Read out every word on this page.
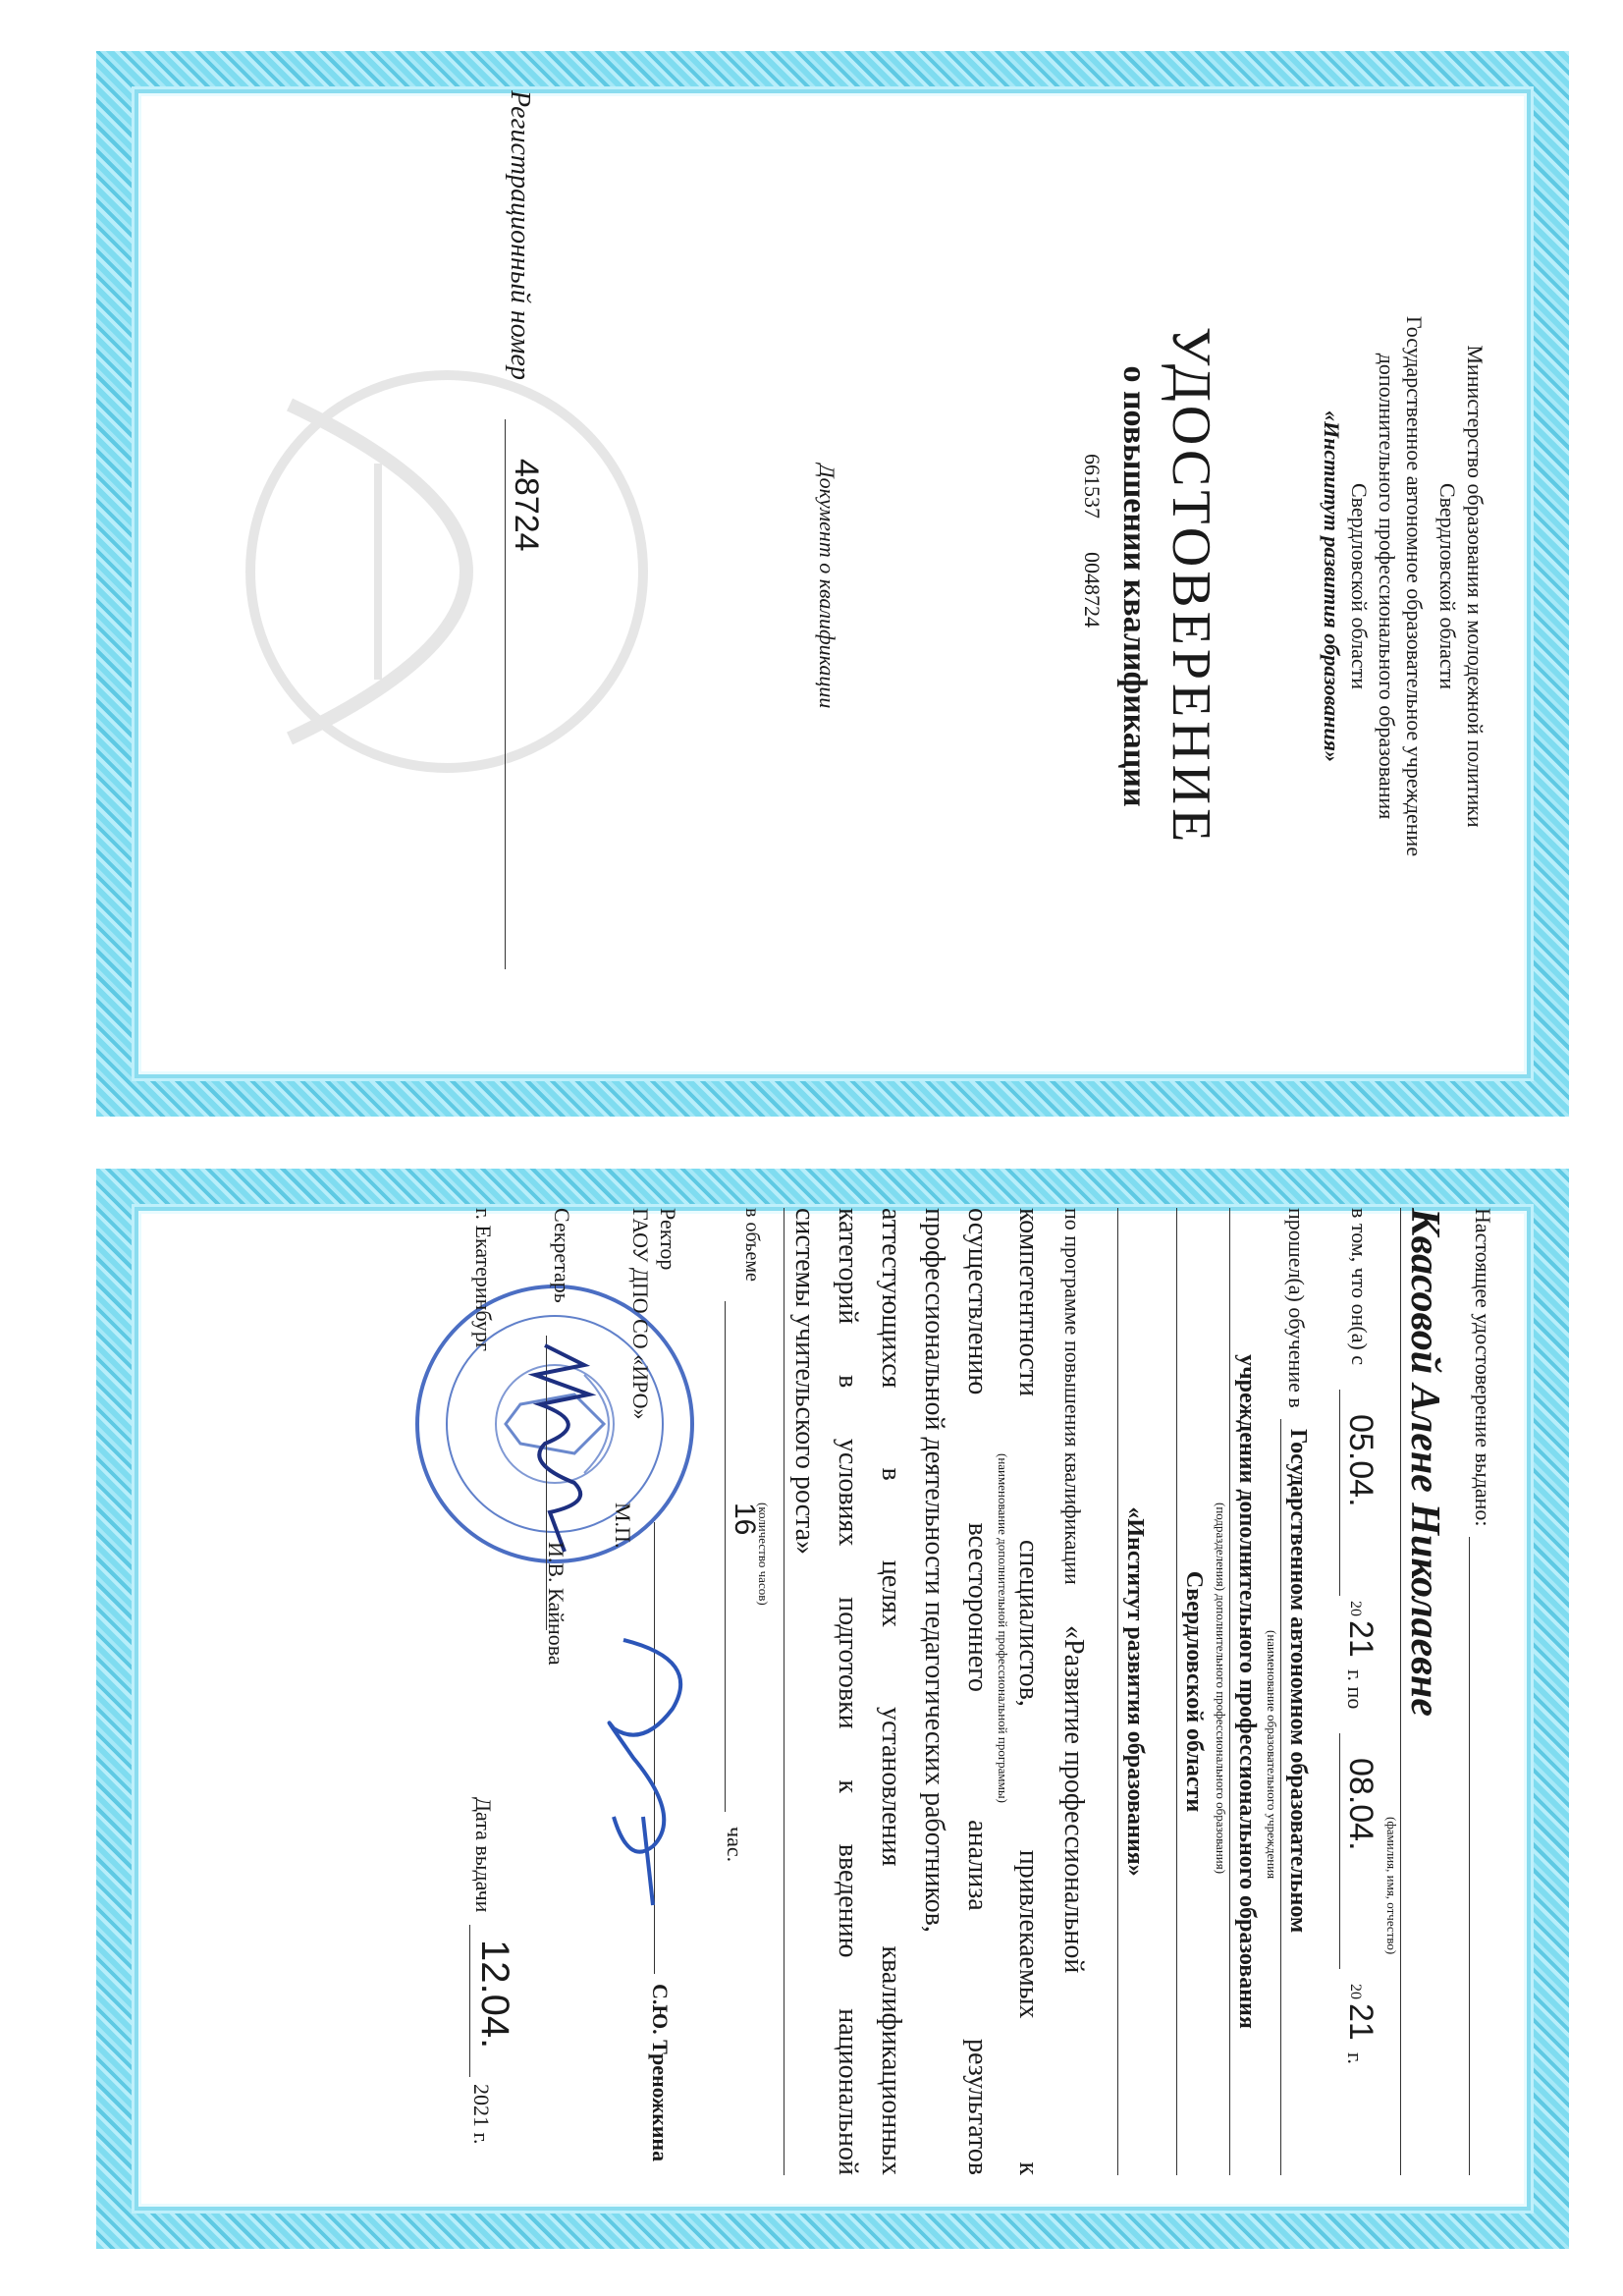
Министерство образования и молодежной политики
Свердловской области
Государственное автономное образовательное учреждение
дополнительного профессионального образования
Свердловской области
«Институт развития образования»
УДОСТОВЕРЕНИЕ
о повышении квалификации
661537
0048724
Документ о квалификации
Регистрационный номер
48724
Настоящее удостоверение выдано:
Квасовой Алене Николаевне
(фамилия, имя, отчество)
в том, что он(а) с
05.04.
20
21
г. по
08.04.
20
21
г.
прошел(а) обучение в
Государственном автономном образовательном
(наименование образовательного учреждения
учреждении дополнительного профессионального образования
(подразделения) дополнительного профессионального образования)
Свердловской области
«Институт развития образования»
по программе повышения квалификации
«Развитие профессиональной
компетентности специалистов, привлекаемых к
(наименование дополнительной профессиональной программы)
осуществлению всестороннего анализа результатов
профессиональной деятельности педагогических работников,
аттестующихся в целях установления квалификационных
категорий в условиях подготовки к введению национальной
системы учительского роста»
в объеме
16
(количество часов)
час.
Ректор
ГАОУ ДПО СО «ИРО»
М.П.
С.Ю. Треножкина
Секретарь
И.В. Кайнова
г. Екатеринбург
Дата выдачи
12.04.
2021 г.
